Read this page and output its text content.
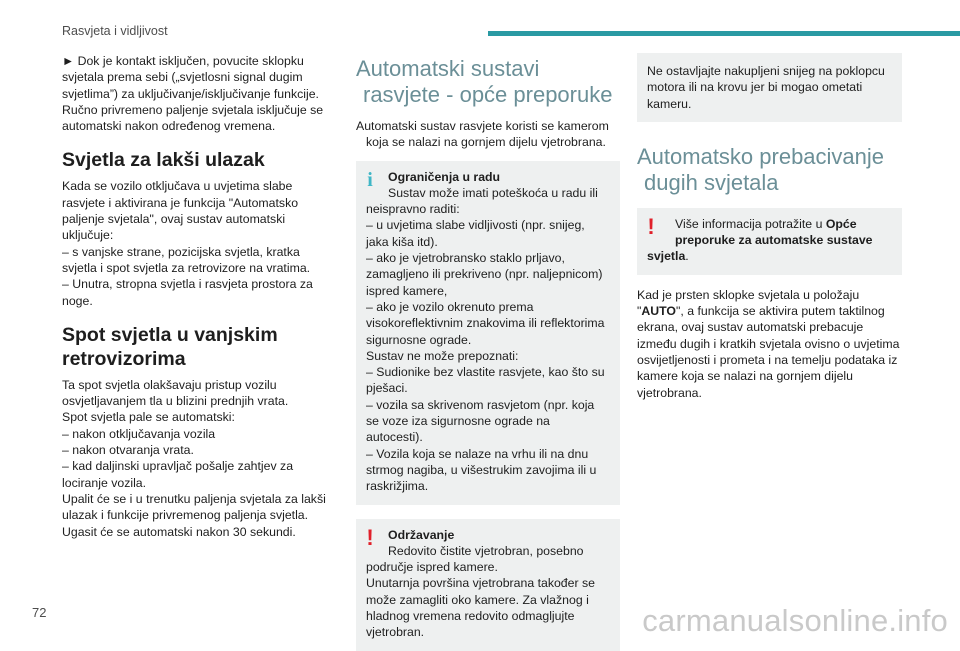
Rasvjeta i vidljivost

► Dok je kontakt isključen, povucite sklopku svjetala prema sebi („svjetlosni signal dugim svjetlima”) za uključivanje/isključivanje funkcije.
Ručno privremeno paljenje svjetala isključuje se automatski nakon određenog vremena.

Svjetla za lakši ulazak

Kada se vozilo otključava u uvjetima slabe rasvjete i aktivirana je funkcija "Automatsko paljenje svjetala", ovaj sustav automatski uključuje:
– s vanjske strane, pozicijska svjetla, kratka svjetla i spot svjetla za retrovizore na vratima.
– Unutra, stropna svjetla i rasvjeta prostora za noge.

Spot svjetla u vanjskim retrovizorima

Ta spot svjetla olakšavaju pristup vozilu osvjetljavanjem tla u blizini prednjih vrata.
Spot svjetla pale se automatski:
– nakon otključavanja vozila
– nakon otvaranja vrata.
– kad daljinski upravljač pošalje zahtjev za lociranje vozila.
Upalit će se i u trenutku paljenja svjetala za lakši ulazak i funkcije privremenog paljenja svjetla.
Ugasit će se automatski nakon 30 sekundi.

Automatski sustavi
rasvjete - opće preporuke

Automatski sustav rasvjete koristi se kamerom
koja se nalazi na gornjem dijelu vjetrobrana.

i	Ograničenja u radu
Sustav može imati poteškoća u radu ili

neispravno raditi:
– u uvjetima slabe vidljivosti (npr. snijeg, jaka kiša itd).
– ako je vjetrobransko staklo prljavo, zamagljeno ili prekriveno (npr. naljepnicom) ispred kamere,
– ako je vozilo okrenuto prema visokoreflektivnim znakovima ili reflektorima sigurnosne ograde.
Sustav ne može prepoznati:
– Sudionike bez vlastite rasvjete, kao što su pješaci.
– vozila sa skrivenom rasvjetom (npr. koja se voze iza sigurnosne ograde na autocesti).
– Vozila koja se nalaze na vrhu ili na dnu strmog nagiba, u višestrukim zavojima ili u raskrižjima.

!	Održavanje
Redovito čistite vjetrobran, posebno

područje ispred kamere.
Unutarnja površina vjetrobrana također se može zamagliti oko kamere. Za vlažnog i hladnog vremena redovito odmagljujte vjetrobran.

Ne ostavljajte nakupljeni snijeg na poklopcu motora ili na krovu jer bi mogao ometati kameru.

Automatsko prebacivanje
dugih svjetala
!	Više informacija potražite u Opće
preporuke za automatske sustave
svjetla.

Kad je prsten sklopke svjetala u položaju "AUTO", a funkcija se aktivira putem taktilnog ekrana, ovaj sustav automatski prebacuje između dugih i kratkih svjetala ovisno o uvjetima osvijetljenosti i prometa i na temelju podataka iz kamere koja se nalazi na gornjem dijelu vjetrobrana.

72	carmanualsonline.info
